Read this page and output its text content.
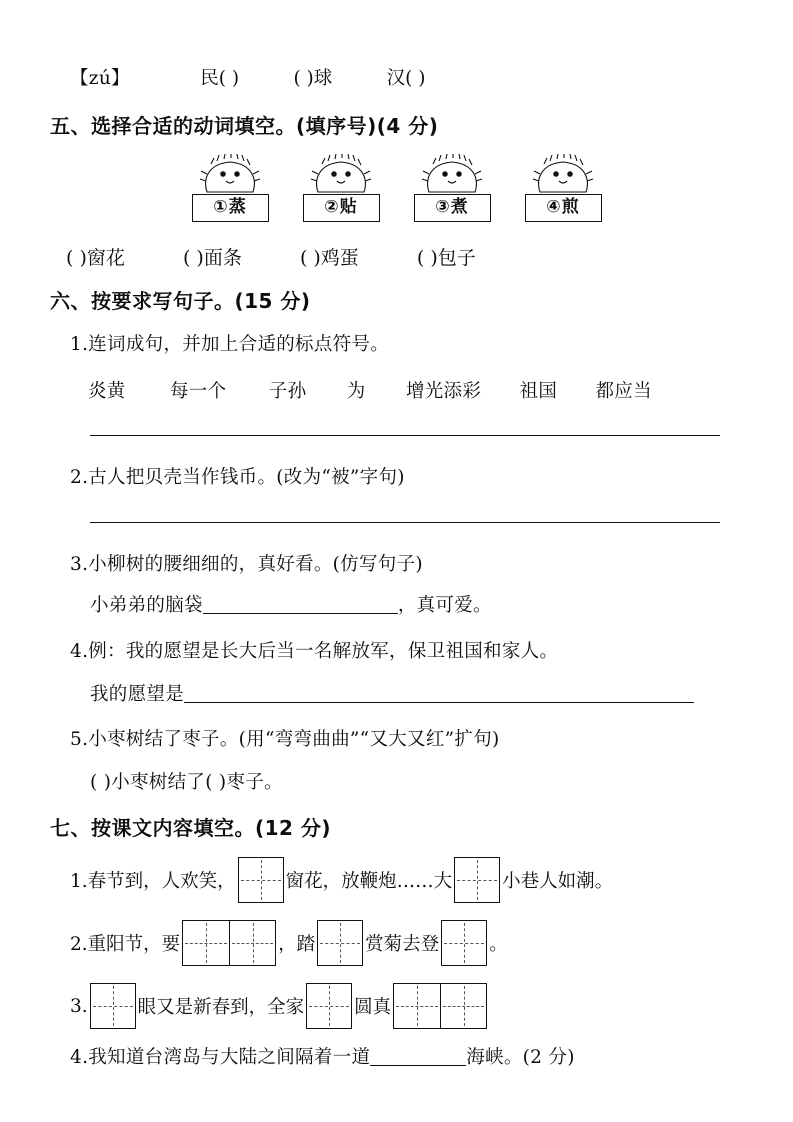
【zú】	民( )	( )球	汉( )
五、选择合适的动词填空。(填序号)(4 分)
①蒸	②贴	③煮	④煎
( )窗花	( )面条	( )鸡蛋	( )包子
六、按要求写句子。(15 分)
1.连词成句，并加上合适的标点符号。
炎黄 每一个 子孙 为 增光添彩 祖国 都应当
2.古人把贝壳当作钱币。(改为“被”字句)
3.小柳树的腰细细的，真好看。(仿写句子)
小弟弟的脑袋	，真可爱。
4.例：我的愿望是长大后当一名解放军，保卫祖国和家人。
我的愿望是
5.小枣树结了枣子。(用“弯弯曲曲”“又大又红”扩句)
( )小枣树结了( )枣子。
七、按课文内容填空。(12 分)
1.春节到，人欢笑，	窗花，放鞭炮……大	小巷人如潮。
2.重阳节，要	，踏	赏菊去登	。
3.	眼又是新春到，全家	圆真
4.我知道台湾岛与大陆之间隔着一道	海峡。(2 分)
